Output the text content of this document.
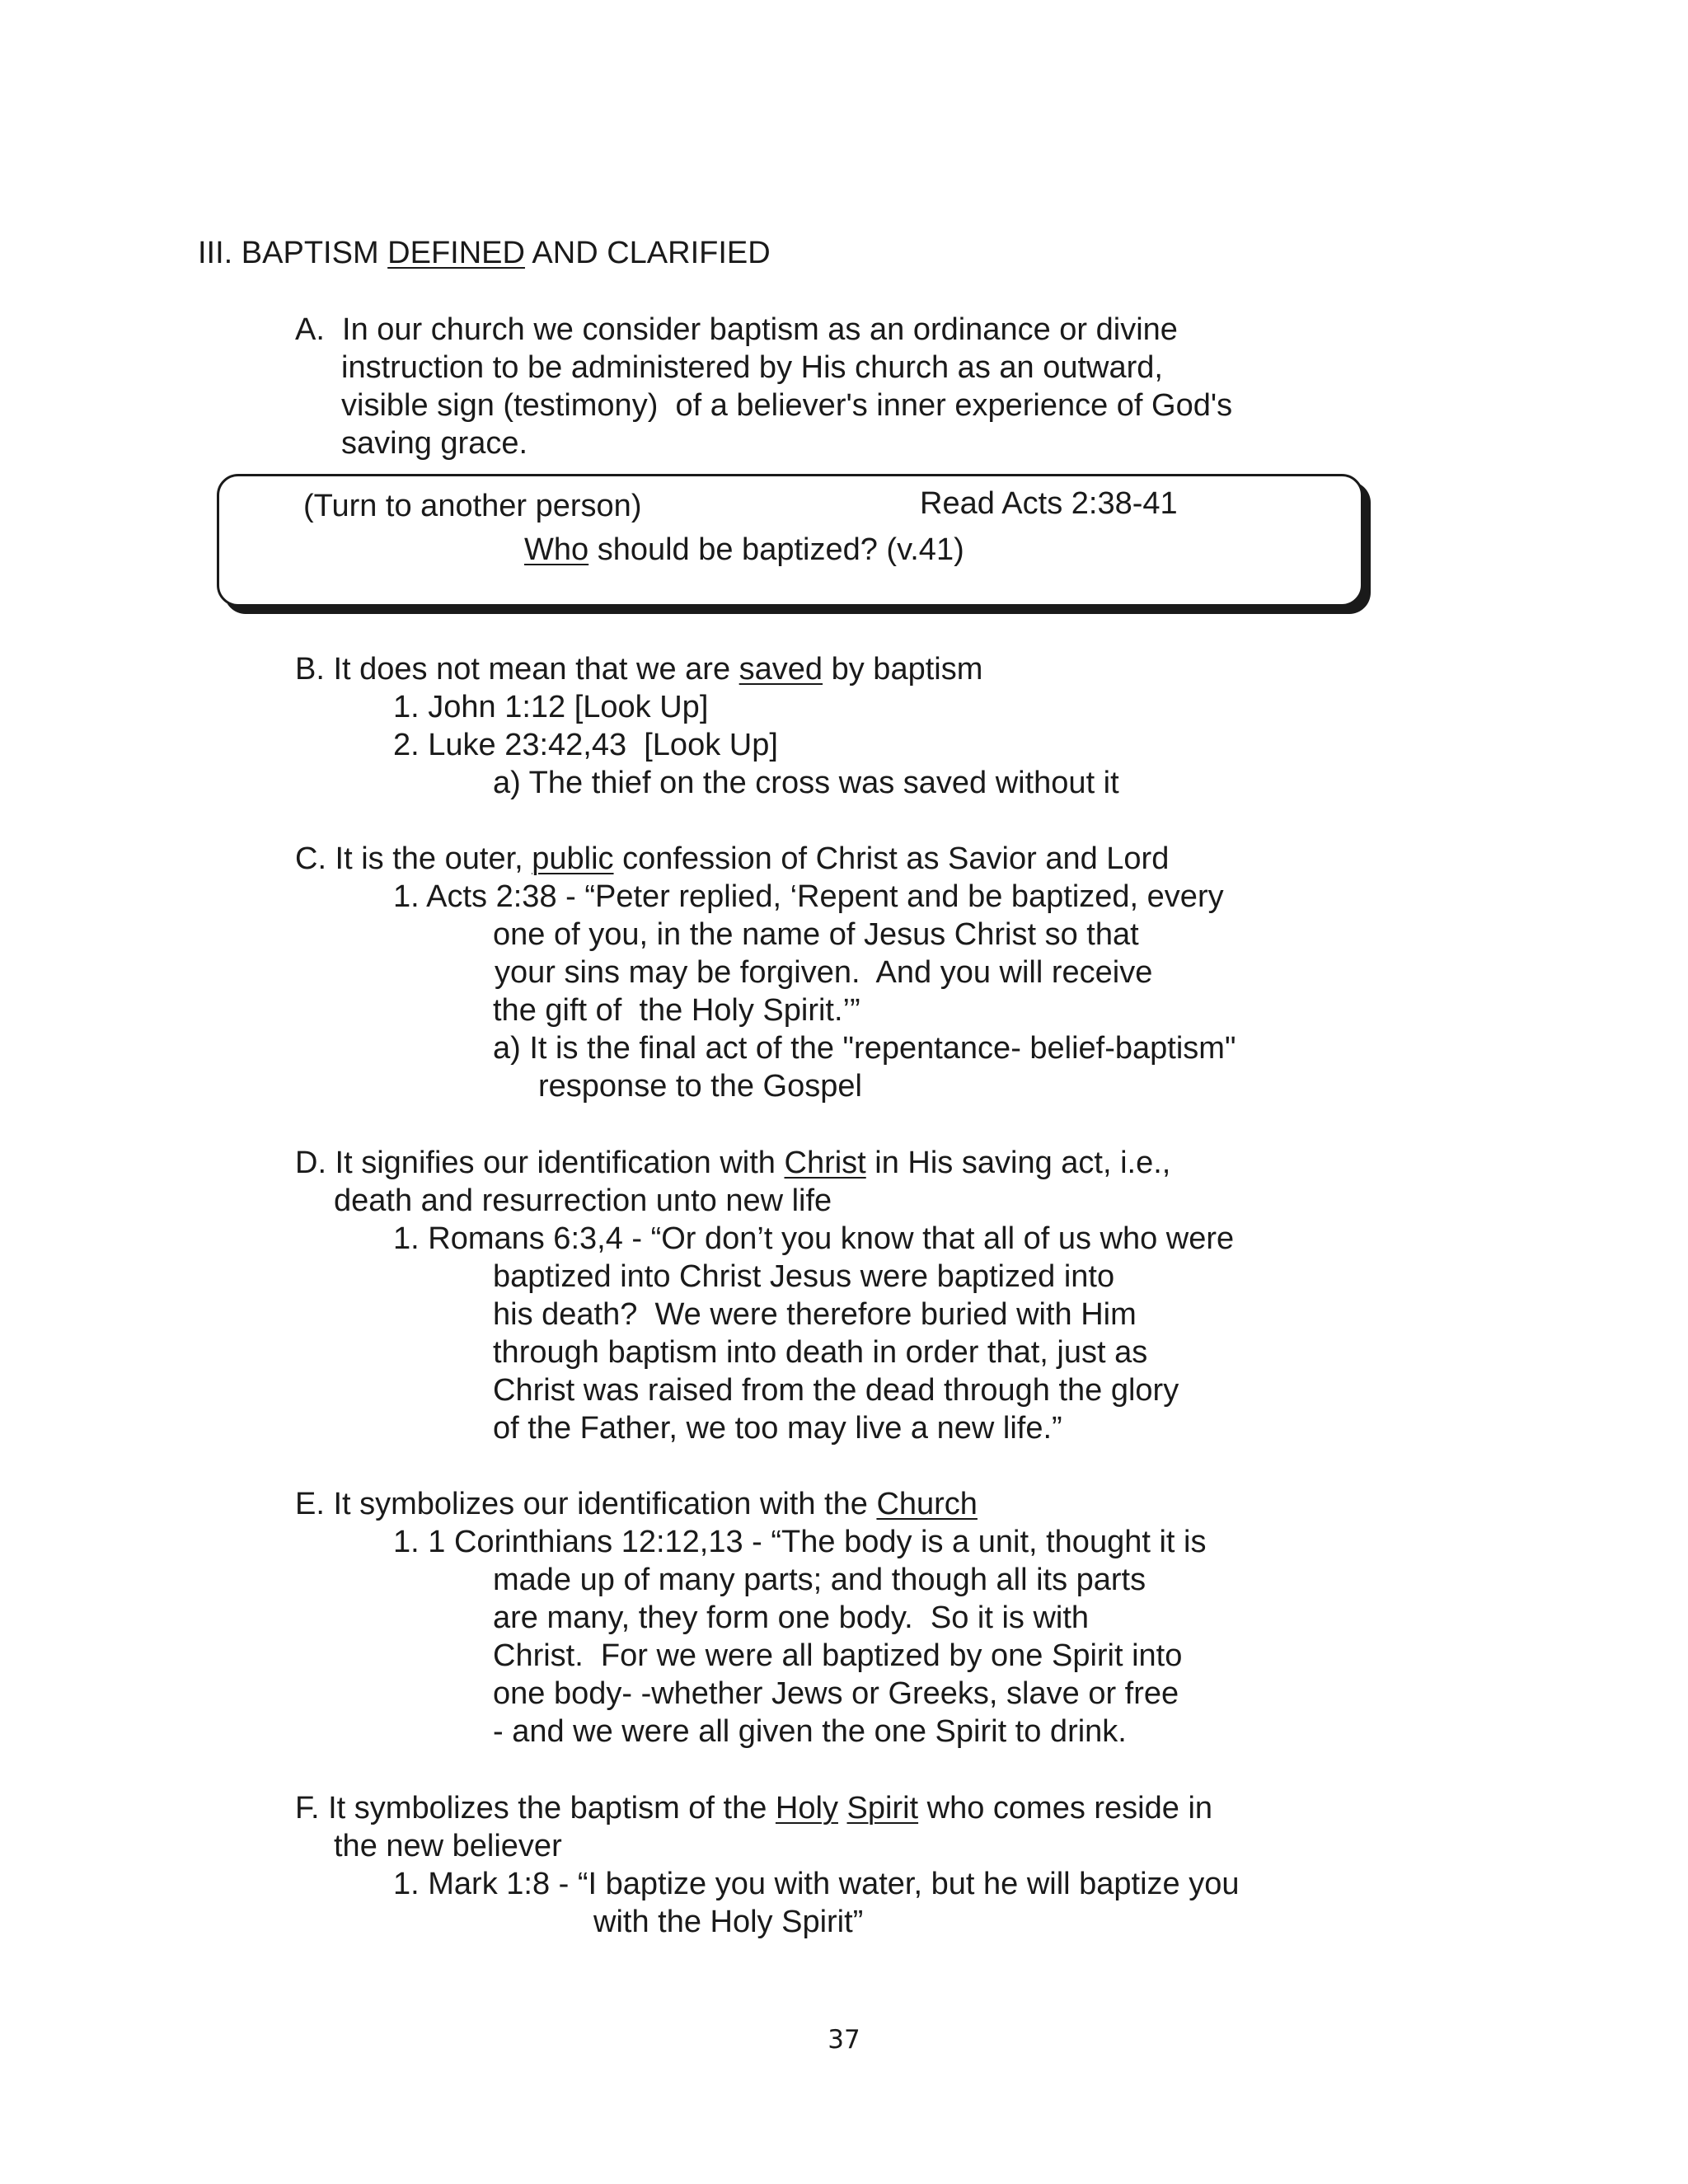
III. BAPTISM DEFINED AND CLARIFIED
A.  In our church we consider baptism as an ordinance or divine
instruction to be administered by His church as an outward,
visible sign (testimony)  of a believer's inner experience of God's
saving grace.
(Turn to another person)	Read Acts 2:38-41
Who should be baptized? (v.41)
B. It does not mean that we are saved by baptism
1. John 1:12 [Look Up]
2. Luke 23:42,43  [Look Up]
a) The thief on the cross was saved without it
C. It is the outer, public confession of Christ as Savior and Lord
1. Acts 2:38 - “Peter replied, ‘Repent and be baptized, every
one of you, in the name of Jesus Christ so that
your sins may be forgiven.  And you will receive
the gift of  the Holy Spirit.’”
a) It is the final act of the "repentance- belief-baptism"
response to the Gospel
D. It signifies our identification with Christ in His saving act, i.e.,
death and resurrection unto new life
1. Romans 6:3,4 - “Or don’t you know that all of us who were
baptized into Christ Jesus were baptized into
his death?  We were therefore buried with Him
through baptism into death in order that, just as
Christ was raised from the dead through the glory
of the Father, we too may live a new life.”
E. It symbolizes our identification with the Church
1. 1 Corinthians 12:12,13 - “The body is a unit, thought it is
made up of many parts; and though all its parts
are many, they form one body.  So it is with
Christ.  For we were all baptized by one Spirit into
one body- -whether Jews or Greeks, slave or free
- and we were all given the one Spirit to drink.
F. It symbolizes the baptism of the Holy Spirit who comes reside in
the new believer
1. Mark 1:8 - “I baptize you with water, but he will baptize you
with the Holy Spirit”
37
